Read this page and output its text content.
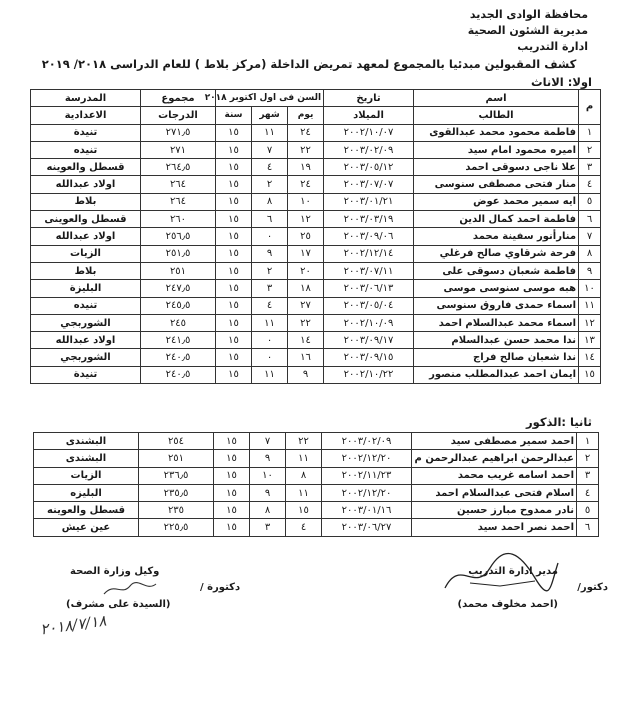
محافظة الوادى الجديد
مديرية الشئون الصحية
ادارة التدريب
كشف المقبولين مبدئيا بالمجموع لمعهد تمريض الداخلة (مركز بلاط ) للعام الدراسى ٢٠١٨/ ٢٠١٩
اولا: الاناث
م	اسم	تاريخ	السن فى اول اكتوبر ٢٠١٨			مجموع	المدرسة
	الطالب	الميلاد	يوم	شهر	سنة	الدرجات	الاعدادية
١	فاطمة محمود محمد عبدالقوى	٢٠٠٢/١٠/٠٧	٢٤	١١	١٥	٢٧١٫٥	تنيدة
٢	اميره محمود امام سيد	٢٠٠٣/٠٢/٠٩	٢٢	٧	١٥	٢٧١	تنيده
٣	علا ناجى دسوقى احمد	٢٠٠٣/٠٥/١٢	١٩	٤	١٥	٢٦٤٫٥	قسطل والعوينه
٤	منار فتحى مصطفى سنوسى	٢٠٠٣/٠٧/٠٧	٢٤	٢	١٥	٢٦٤	اولاد عبدالله
٥	ايه سمير محمد عوض	٢٠٠٣/٠١/٢١	١٠	٨	١٥	٢٦٤	بلاط
٦	فاطمة احمد كمال الدين	٢٠٠٣/٠٣/١٩	١٢	٦	١٥	٢٦٠	قسطل والعوينى
٧	منارأنور سفينة محمد	٢٠٠٣/٠٩/٠٦	٢٥	٠	١٥	٢٥٦٫٥	اولاد عبدالله
٨	فرحة شرقاوي صالح فرغلي	٢٠٠٢/١٢/١٤	١٧	٩	١٥	٢٥١٫٥	الزيات
٩	فاطمة شعبان دسوقى على	٢٠٠٣/٠٧/١١	٢٠	٢	١٥	٢٥١	بلاط
١٠	هبه موسى سنوسى موسى	٢٠٠٣/٠٦/١٣	١٨	٣	١٥	٢٤٧٫٥	البليزة
١١	اسماء حمدى فاروق سنوسى	٢٠٠٣/٠٥/٠٤	٢٧	٤	١٥	٢٤٥٫٥	تنيده
١٢	اسماء محمد عبدالسلام احمد	٢٠٠٢/١٠/٠٩	٢٢	١١	١٥	٢٤٥	الشوربجي
١٣	ندا محمد حسن عبدالسلام	٢٠٠٣/٠٩/١٧	١٤	٠	١٥	٢٤١٫٥	اولاد عبدالله
١٤	ندا شعبان صالح فراج	٢٠٠٣/٠٩/١٥	١٦	٠	١٥	٢٤٠٫٥	الشوربجي
١٥	ايمان احمد عبدالمطلب منصور	٢٠٠٢/١٠/٢٢	٩	١١	١٥	٢٤٠٫٥	تنيدة
ثانيا :الذكور
١	احمد سمير مصطفى سيد	٢٠٠٣/٠٢/٠٩	٢٢	٧	١٥	٢٥٤	البشندى
٢	عبدالرحمن ابراهيم عبدالرحمن م	٢٠٠٢/١٢/٢٠	١١	٩	١٥	٢٥١	البشندى
٣	احمد اسامه غريب محمد	٢٠٠٢/١١/٢٣	٨	١٠	١٥	٢٣٦٫٥	الزيات
٤	اسلام فتحى عبدالسلام احمد	٢٠٠٢/١٢/٢٠	١١	٩	١٥	٢٣٥٫٥	البليزه
٥	نادر ممدوح مبارز حسين	٢٠٠٣/٠١/١٦	١٥	٨	١٥	٢٣٥	قسطل والعوينه
٦	احمد نصر احمد سيد	٢٠٠٣/٠٦/٢٧	٤	٣	١٥	٢٢٥٫٥	عين عيش
مدير ادارة التدريب
دكتور/
(احمد مخلوف محمد)
وكيل وزارة الصحة
دكتورة /
(السيدة على مشرف)
٢٠١٨/٧/١٨
